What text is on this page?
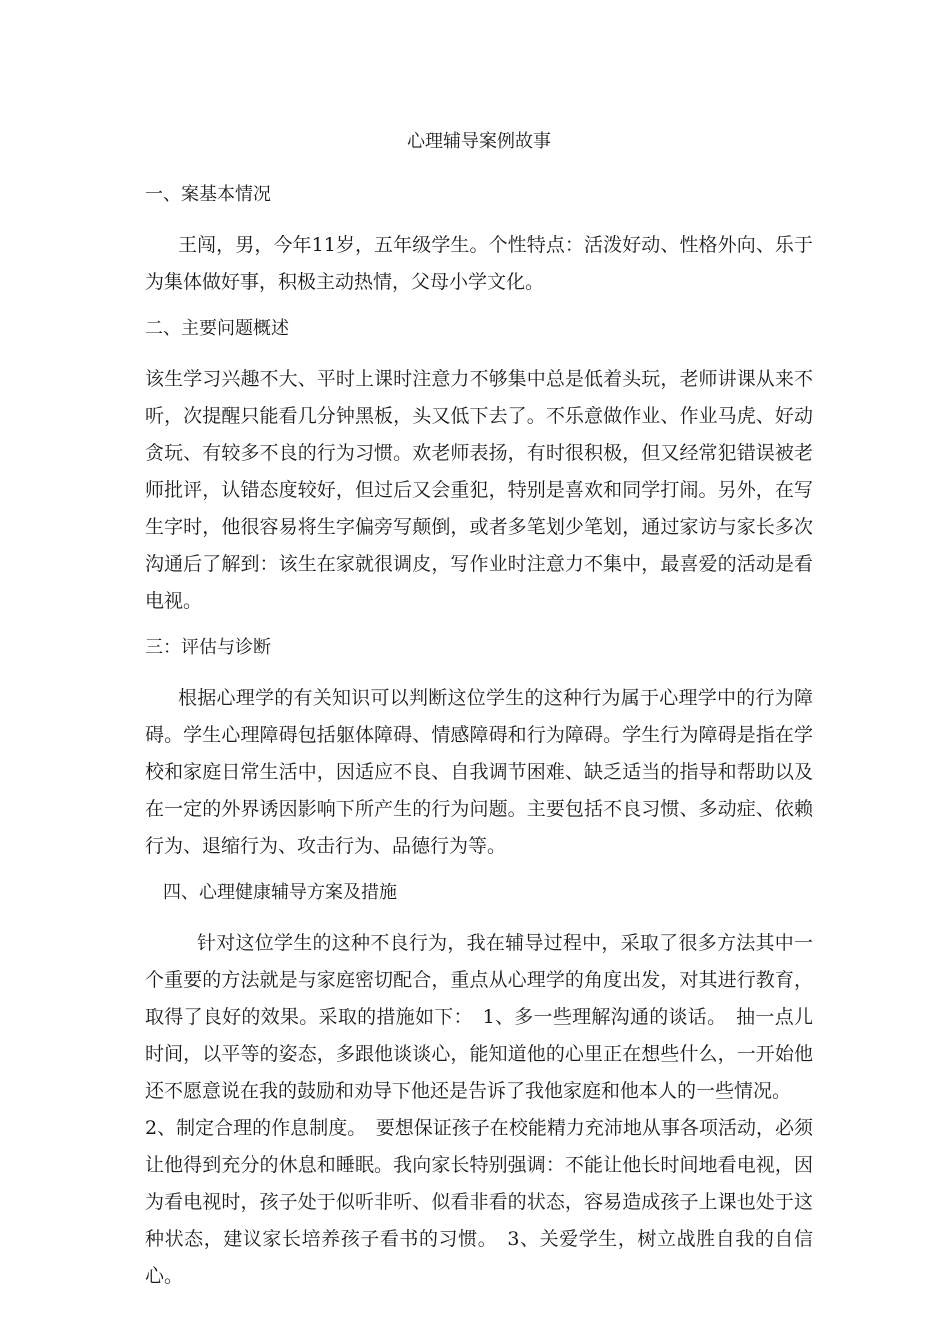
心理辅导案例故事

一、案基本情况

王闯，男，今年11岁，五年级学生。个性特点：活泼好动、性格外向、乐于为集体做好事，积极主动热情，父母小学文化。

二、主要问题概述

该生学习兴趣不大、平时上课时注意力不够集中总是低着头玩，老师讲课从来不听，次提醒只能看几分钟黑板，头又低下去了。不乐意做作业、作业马虎、好动贪玩、有较多不良的行为习惯。欢老师表扬，有时很积极，但又经常犯错误被老师批评，认错态度较好，但过后又会重犯，特别是喜欢和同学打闹。另外，在写生字时，他很容易将生字偏旁写颠倒，或者多笔划少笔划，通过家访与家长多次沟通后了解到：该生在家就很调皮，写作业时注意力不集中，最喜爱的活动是看电视。

三：评估与诊断

根据心理学的有关知识可以判断这位学生的这种行为属于心理学中的行为障碍。学生心理障碍包括躯体障碍、情感障碍和行为障碍。学生行为障碍是指在学校和家庭日常生活中，因适应不良、自我调节困难、缺乏适当的指导和帮助以及在一定的外界诱因影响下所产生的行为问题。主要包括不良习惯、多动症、依赖行为、退缩行为、攻击行为、品德行为等。

四、心理健康辅导方案及措施

针对这位学生的这种不良行为，我在辅导过程中，采取了很多方法其中一个重要的方法就是与家庭密切配合，重点从心理学的角度出发，对其进行教育，取得了良好的效果。采取的措施如下：　1、多一些理解沟通的谈话。　抽一点儿时间，以平等的姿态，多跟他谈谈心，能知道他的心里正在想些什么，一开始他还不愿意说在我的鼓励和劝导下他还是告诉了我他家庭和他本人的一些情况。

2、制定合理的作息制度。　要想保证孩子在校能精力充沛地从事各项活动，必须让他得到充分的休息和睡眠。我向家长特别强调：不能让他长时间地看电视，因为看电视时，孩子处于似听非听、似看非看的状态，容易造成孩子上课也处于这种状态，建议家长培养孩子看书的习惯。　3、关爱学生，树立战胜自我的自信心。
